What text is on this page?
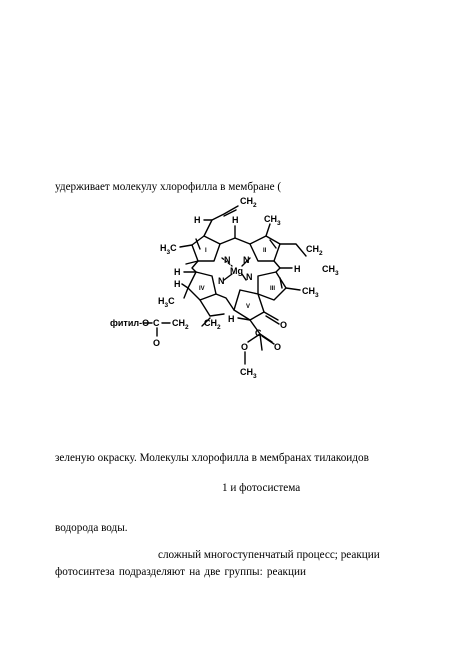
удерживает молекулу хлорофилла в мембране (
$CH_2$
H	H	$CH_3$
$H_3C$	$CH_2$
$CH_3$
H	H
$CH_3$
H
$H_3C$
H
O
C
O
O
$CH_3$
N N
N N
Mg
I	II
III
IV
V
фитил-O C $CH_2$ $CH_2$
O
зеленую окраску. Молекулы хлорофилла в мембранах тилакоидов
1 и фотосистема
водорода воды.
сложный многоступенчатый процесс; реакции
фотосинтеза подразделяют на две группы: реакции
